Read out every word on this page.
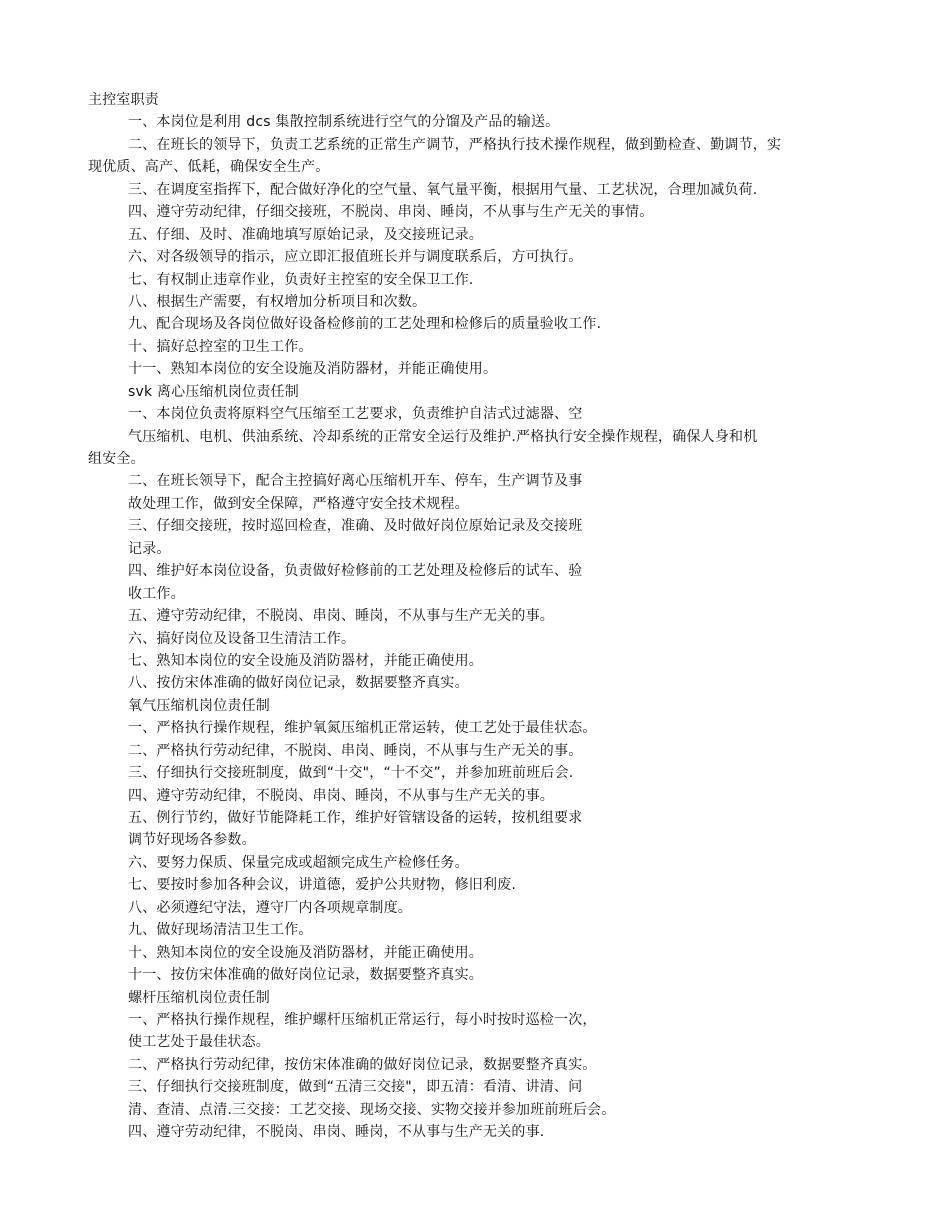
主控室职责
一、本岗位是利用 dcs 集散控制系统进行空气的分馏及产品的输送。
二、在班长的领导下，负责工艺系统的正常生产调节，严格执行技术操作规程，做到勤检查、勤调节，实
现优质、高产、低耗，确保安全生产。
三、在调度室指挥下，配合做好净化的空气量、氧气量平衡，根据用气量、工艺状况，合理加减负荷.
四、遵守劳动纪律，仔细交接班，不脱岗、串岗、睡岗，不从事与生产无关的事情。
五、仔细、及时、准确地填写原始记录，及交接班记录。
六、对各级领导的指示，应立即汇报值班长并与调度联系后，方可执行。
七、有权制止违章作业，负责好主控室的安全保卫工作.
八、根据生产需要，有权增加分析项目和次数。
九、配合现场及各岗位做好设备检修前的工艺处理和检修后的质量验收工作.
十、搞好总控室的卫生工作。
十一、熟知本岗位的安全设施及消防器材，并能正确使用。
svk 离心压缩机岗位责任制
一、本岗位负责将原料空气压缩至工艺要求，负责维护自洁式过滤器、空
气压缩机、电机、供油系统、冷却系统的正常安全运行及维护.严格执行安全操作规程，确保人身和机
组安全。
二、在班长领导下，配合主控搞好离心压缩机开车、停车，生产调节及事
故处理工作，做到安全保障，严格遵守安全技术规程。
三、仔细交接班，按时巡回检查，准确、及时做好岗位原始记录及交接班
记录。
四、维护好本岗位设备，负责做好检修前的工艺处理及检修后的试车、验
收工作。
五、遵守劳动纪律，不脱岗、串岗、睡岗，不从事与生产无关的事。
六、搞好岗位及设备卫生清洁工作。
七、熟知本岗位的安全设施及消防器材，并能正确使用。
八、按仿宋体准确的做好岗位记录，数据要整齐真实。
氧气压缩机岗位责任制
一、严格执行操作规程，维护氧氮压缩机正常运转，使工艺处于最佳状态。
二、严格执行劳动纪律，不脱岗、串岗、睡岗，不从事与生产无关的事。
三、仔细执行交接班制度，做到“十交"，“十不交”，并参加班前班后会.
四、遵守劳动纪律，不脱岗、串岗、睡岗，不从事与生产无关的事。
五、例行节约，做好节能降耗工作，维护好管辖设备的运转，按机组要求
调节好现场各参数。
六、要努力保质、保量完成或超额完成生产检修任务。
七、要按时参加各种会议，讲道德，爱护公共财物，修旧利废.
八、必须遵纪守法，遵守厂内各项规章制度。
九、做好现场清洁卫生工作。
十、熟知本岗位的安全设施及消防器材，并能正确使用。
十一、按仿宋体准确的做好岗位记录，数据要整齐真实。
螺杆压缩机岗位责任制
一、严格执行操作规程，维护螺杆压缩机正常运行，每小时按时巡检一次，
使工艺处于最佳状态。
二、严格执行劳动纪律，按仿宋体准确的做好岗位记录，数据要整齐真实。
三、仔细执行交接班制度，做到“五清三交接"，即五清：看清、讲清、问
清、查清、点清.三交接：工艺交接、现场交接、实物交接并参加班前班后会。
四、遵守劳动纪律，不脱岗、串岗、睡岗，不从事与生产无关的事.
